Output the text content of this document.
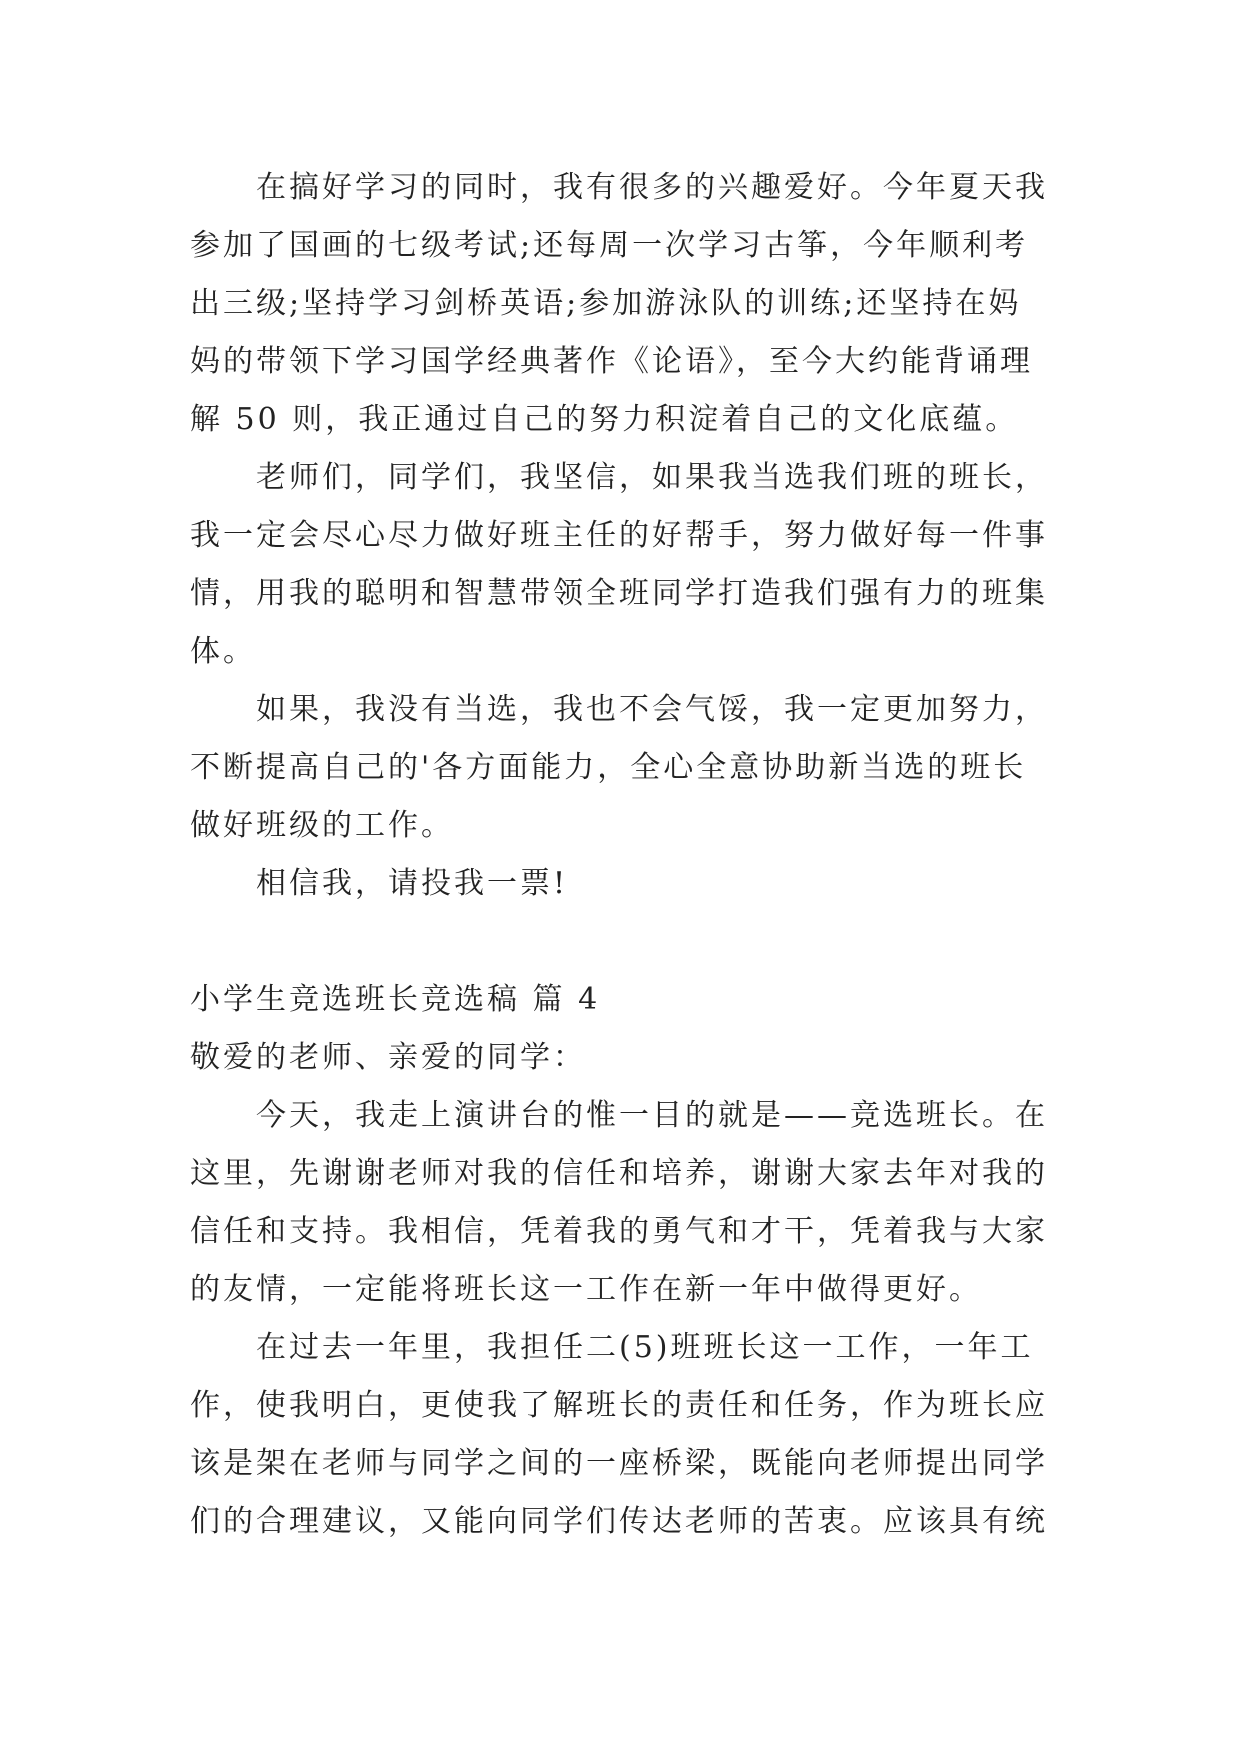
在搞好学习的同时，我有很多的兴趣爱好。今年夏天我
参加了国画的七级考试;还每周一次学习古筝，今年顺利考
出三级;坚持学习剑桥英语;参加游泳队的训练;还坚持在妈
妈的带领下学习国学经典著作《论语》，至今大约能背诵理
解 50 则，我正通过自己的努力积淀着自己的文化底蕴。
老师们，同学们，我坚信，如果我当选我们班的班长，
我一定会尽心尽力做好班主任的好帮手，努力做好每一件事
情，用我的聪明和智慧带领全班同学打造我们强有力的班集
体。
如果，我没有当选，我也不会气馁，我一定更加努力，
不断提高自己的'各方面能力，全心全意协助新当选的班长
做好班级的工作。
相信我，请投我一票!
小学生竞选班长竞选稿 篇 4
敬爱的老师、亲爱的同学：
今天，我走上演讲台的惟一目的就是——竞选班长。在
这里，先谢谢老师对我的信任和培养，谢谢大家去年对我的
信任和支持。我相信，凭着我的勇气和才干，凭着我与大家
的友情，一定能将班长这一工作在新一年中做得更好。
在过去一年里，我担任二(5)班班长这一工作，一年工
作，使我明白，更使我了解班长的责任和任务，作为班长应
该是架在老师与同学之间的一座桥梁，既能向老师提出同学
们的合理建议，又能向同学们传达老师的苦衷。应该具有统
